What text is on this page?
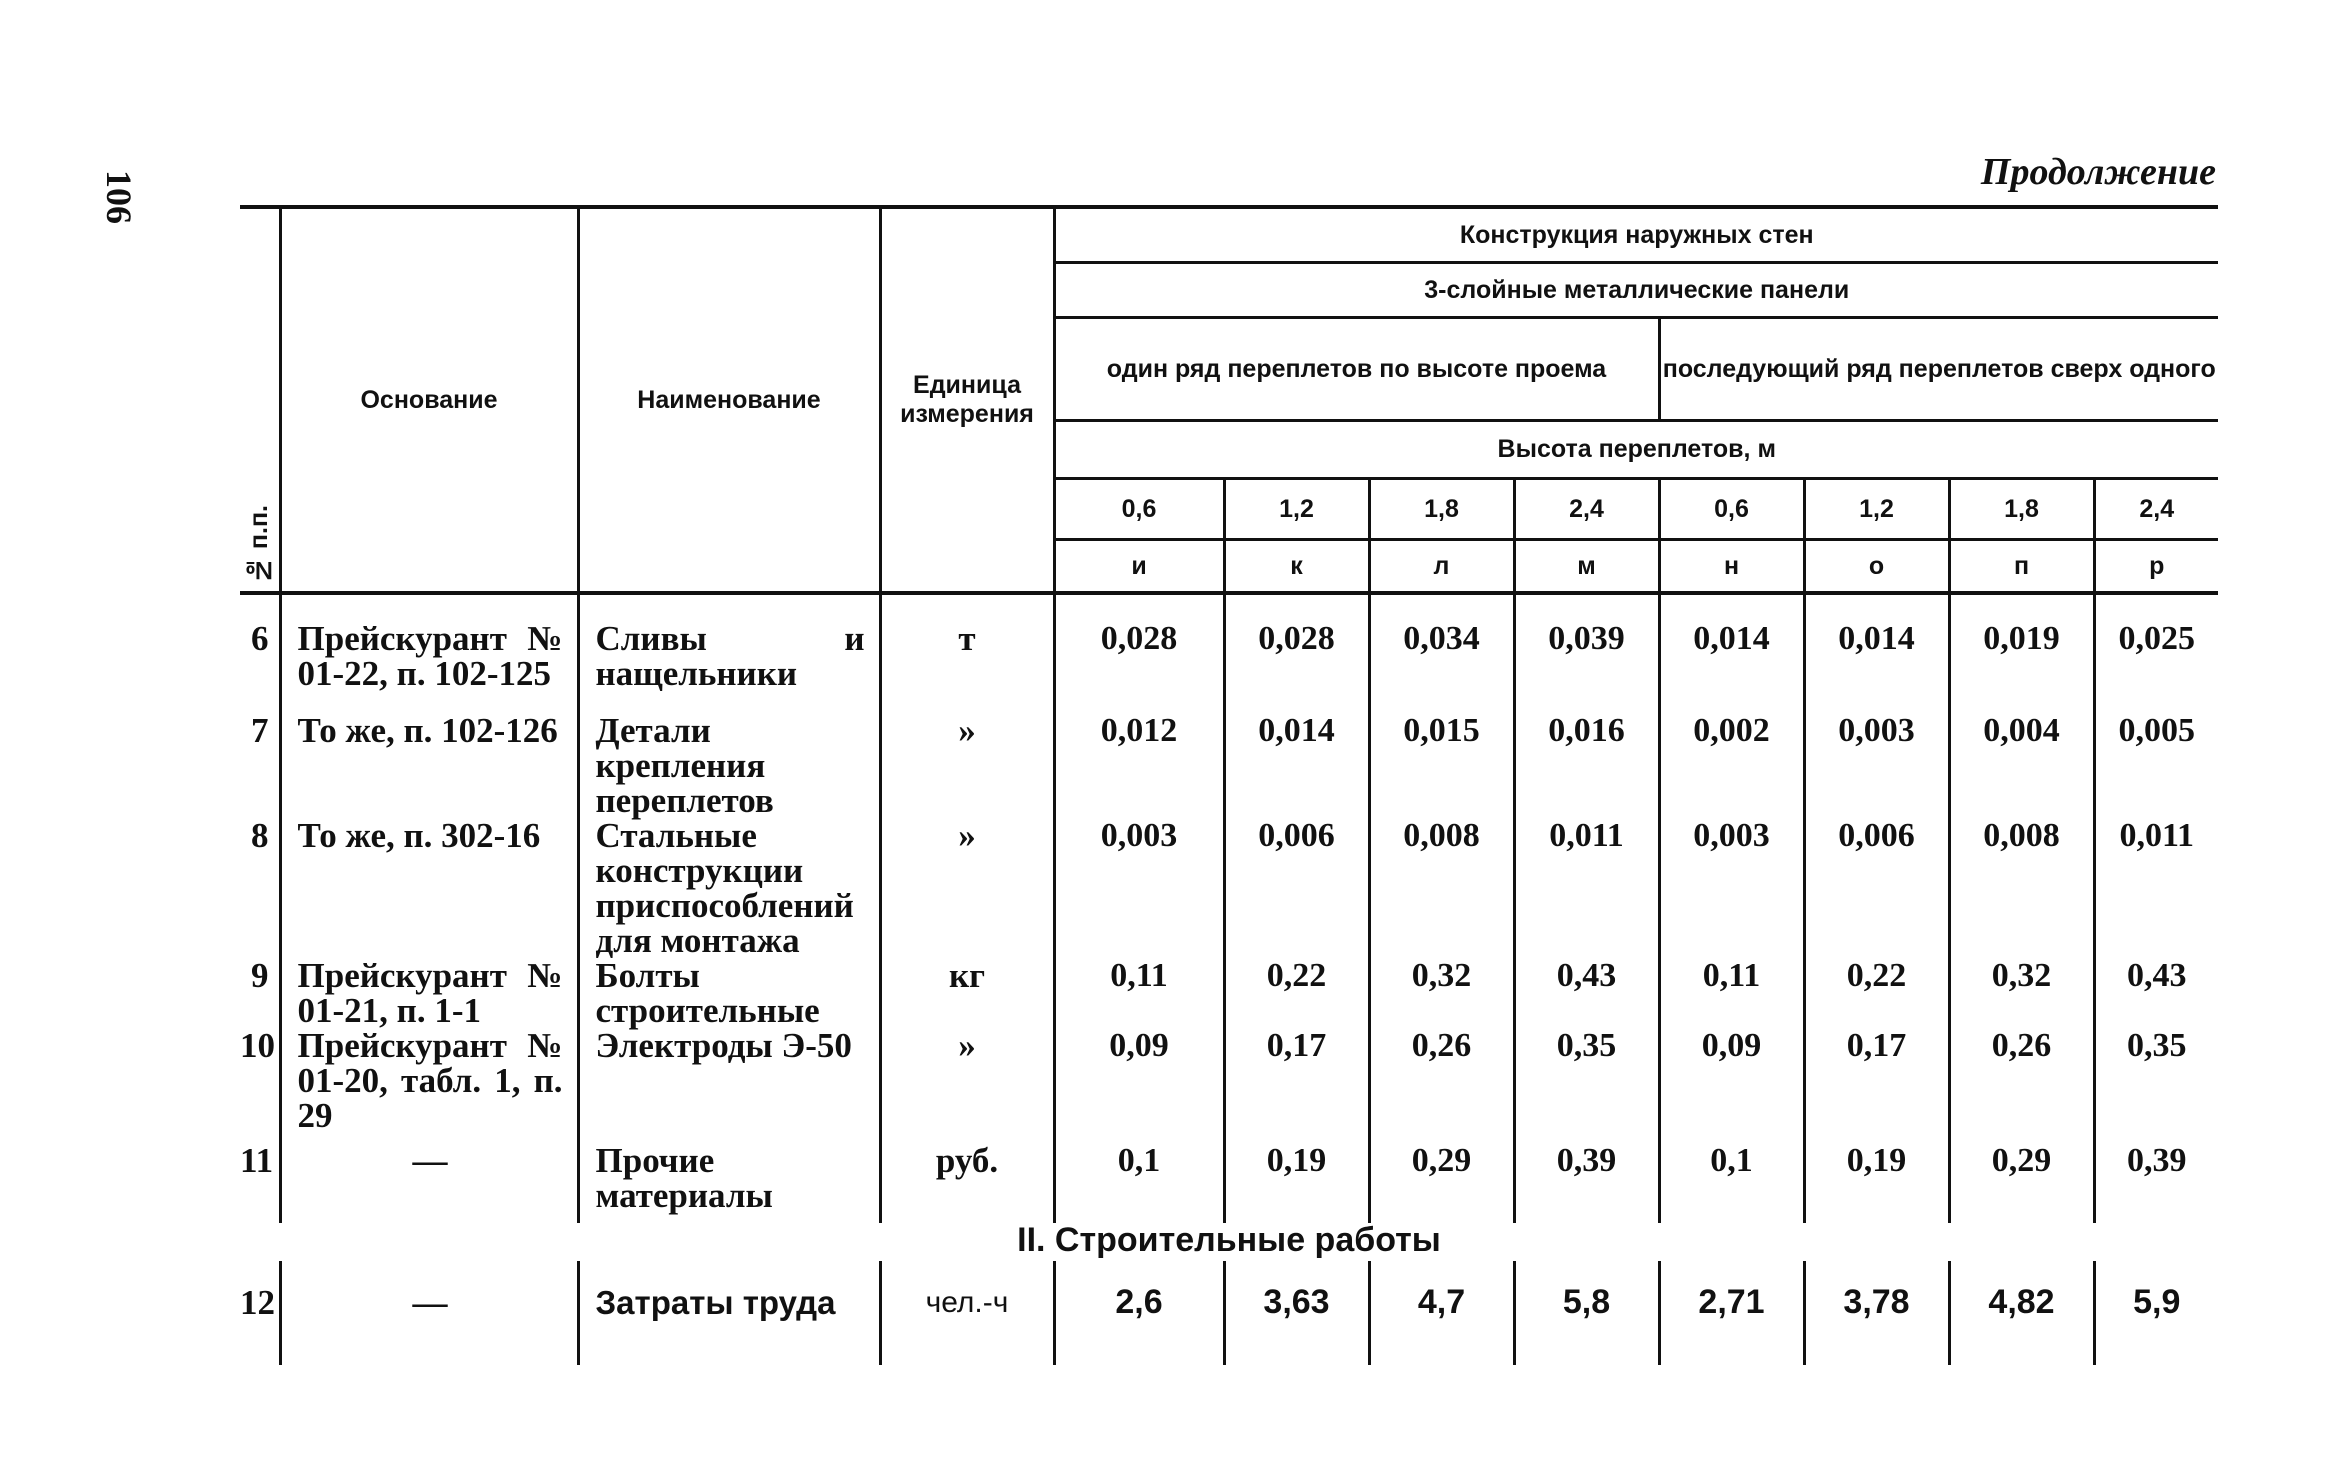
106	Продолжение
№ п.п.	Основание	Наименование	Единица измерения	Конструкция наружных стен							
				3-слойные металлические панели							
				один ряд переплетов по высоте проема				последующий ряд переплетов сверх одного			
				Высота переплетов, м							
				0,6	1,2	1,8	2,4	0,6	1,2	1,8	2,4
				и	к	л	м	н	о	п	р
6	Прейскурант № 01-22, п. 102-125	Сливы и нащельники	т	0,028	0,028	0,034	0,039	0,014	0,014	0,019	0,025
7	То же, п. 102-126	Детали крепления переплетов	»	0,012	0,014	0,015	0,016	0,002	0,003	0,004	0,005
8	То же, п. 302-16	Стальные конструкции приспособлений для монтажа	»	0,003	0,006	0,008	0,011	0,003	0,006	0,008	0,011
9	Прейскурант № 01-21, п. 1-1	Болты строительные	кг	0,11	0,22	0,32	0,43	0,11	0,22	0,32	0,43
10	Прейскурант № 01-20, табл. 1, п. 29	Электроды Э-50	»	0,09	0,17	0,26	0,35	0,09	0,17	0,26	0,35
11	—	Прочие материалы	руб.	0,1	0,19	0,29	0,39	0,1	0,19	0,29	0,39
II. Строительные работы											
12	—	Затраты труда	чел.-ч	2,6	3,63	4,7	5,8	2,71	3,78	4,82	5,9
